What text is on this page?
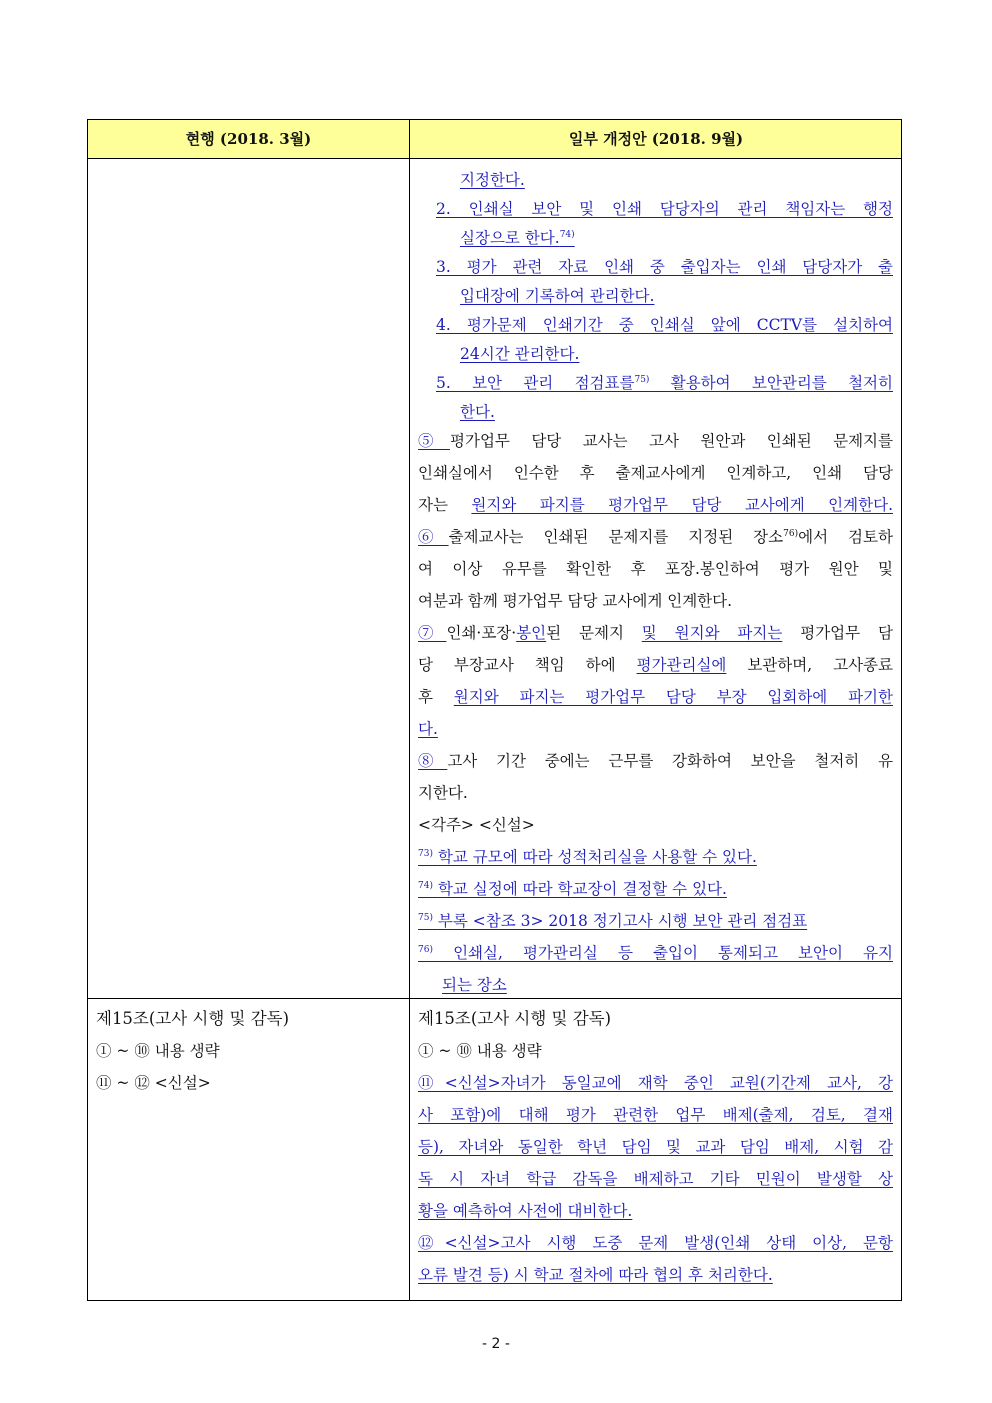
현행 (2018. 3월)	일부 개정안 (2018. 9월)
지정한다.
2. 인쇄실 보안 및 인쇄 담당자의 관리 책임자는 행정
실장으로 한다.$^{74)}$
3. 평가 관련 자료 인쇄 중 출입자는 인쇄 담당자가 출
입대장에 기록하여 관리한다.
4. 평가문제 인쇄기간 중 인쇄실 앞에 CCTV를 설치하여
24시간 관리한다.
5. 보안 관리 점검표를$^{75)}$ 활용하여 보안관리를 철저히
한다.
⑤평가업무 담당 교사는 고사 원안과 인쇄된 문제지를
인쇄실에서 인수한 후 출제교사에게 인계하고, 인쇄 담당
자는 원지와 파지를 평가업무 담당 교사에게 인계한다.
⑥출제교사는 인쇄된 문제지를 지정된 장소$^{76)}$에서 검토하
여 이상 유무를 확인한 후 포장.봉인하여 평가 원안 및
여분과 함께 평가업무 담당 교사에게 인계한다.
⑦인쇄·포장·봉인된 문제지 및 원지와 파지는 평가업무 담
당 부장교사 책임 하에 평가관리실에 보관하며, 고사종료
후 원지와 파지는 평가업무 담당 부장 입회하에 파기한
다.
⑧고사 기간 중에는 근무를 강화하여 보안을 철저히 유
지한다.
<각주> <신설>
$^{73)}$ 학교 규모에 따라 성적처리실을 사용할 수 있다.
$^{74)}$ 학교 실정에 따라 학교장이 결정할 수 있다.
$^{75)}$ 부록 <참조 3> 2018 정기고사 시행 보안 관리 점검표
$^{76)}$ 인쇄실, 평가관리실 등 출입이 통제되고 보안이 유지
되는 장소
제15조(고사 시행 및 감독)
① ~ ⑩ 내용 생략
⑪ ~ ⑫ <신설>
제15조(고사 시행 및 감독)
① ~ ⑩ 내용 생략
⑪<신설>자녀가 동일교에 재학 중인 교원(기간제 교사, 강
사 포함)에 대해 평가 관련한 업무 배제(출제, 검토, 결재
등), 자녀와 동일한 학년 담임 및 교과 담임 배제, 시험 감
독 시 자녀 학급 감독을 배제하고 기타 민원이 발생할 상
황을 예측하여 사전에 대비한다.
⑫<신설>고사 시행 도중 문제 발생(인쇄 상태 이상, 문항
오류 발견 등) 시 학교 절차에 따라 협의 후 처리한다.
- 2 -
